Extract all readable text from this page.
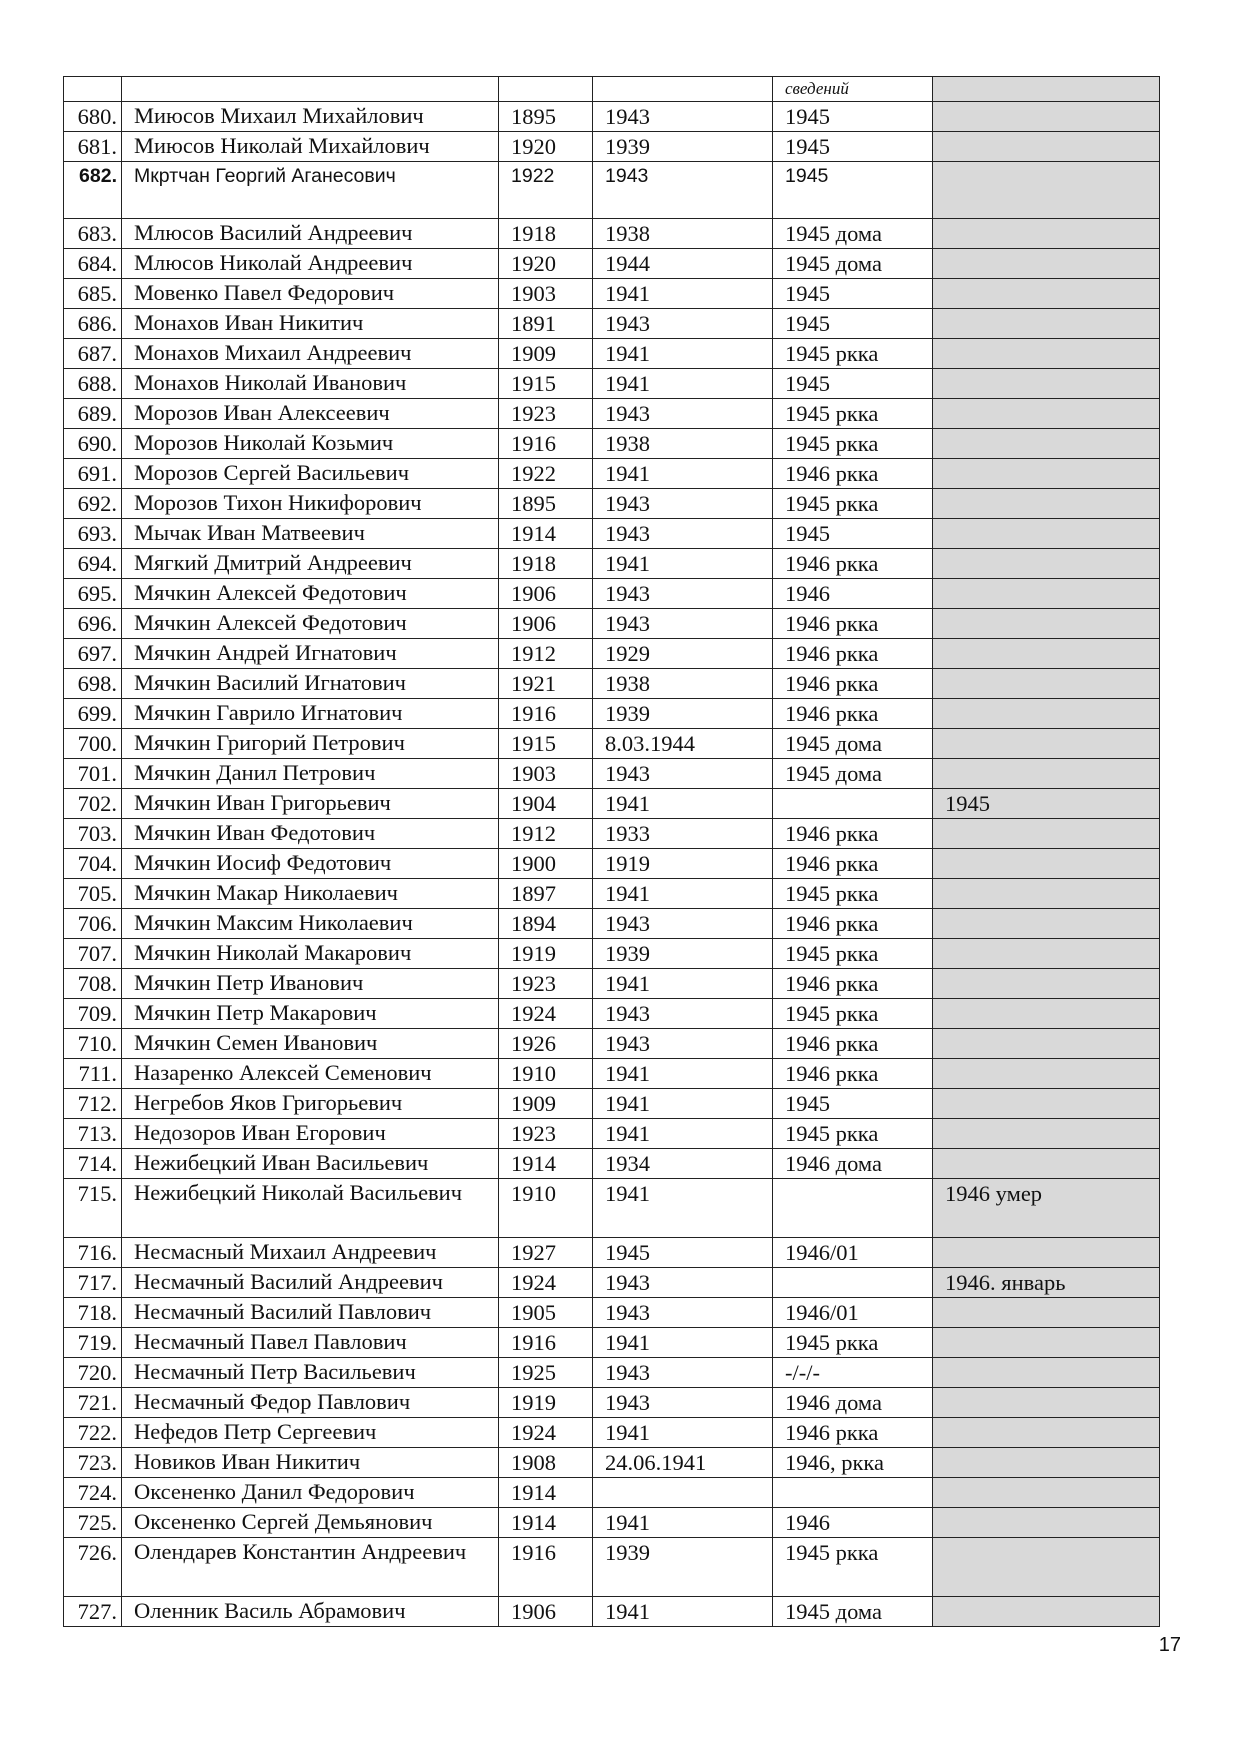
				сведений	
680.	Миюсов Михаил Михайлович	1895	1943	1945	
681.	Миюсов Николай Михайлович	1920	1939	1945	
682.	Мкртчан Георгий Аганесович	1922	1943	1945	
683.	Млюсов Василий Андреевич	1918	1938	1945 дома	
684.	Млюсов Николай Андреевич	1920	1944	1945 дома	
685.	Мовенко Павел Федорович	1903	1941	1945	
686.	Монахов Иван Никитич	1891	1943	1945	
687.	Монахов Михаил Андреевич	1909	1941	1945 ркка	
688.	Монахов Николай Иванович	1915	1941	1945	
689.	Морозов Иван Алексеевич	1923	1943	1945 ркка	
690.	Морозов Николай Козьмич	1916	1938	1945 ркка	
691.	Морозов Сергей Васильевич	1922	1941	1946 ркка	
692.	Морозов Тихон Никифорович	1895	1943	1945 ркка	
693.	Мычак Иван Матвеевич	1914	1943	1945	
694.	Мягкий Дмитрий Андреевич	1918	1941	1946 ркка	
695.	Мячкин Алексей Федотович	1906	1943	1946	
696.	Мячкин Алексей Федотович	1906	1943	1946 ркка	
697.	Мячкин Андрей Игнатович	1912	1929	1946 ркка	
698.	Мячкин Василий Игнатович	1921	1938	1946 ркка	
699.	Мячкин Гаврило Игнатович	1916	1939	1946 ркка	
700.	Мячкин Григорий Петрович	1915	8.03.1944	1945 дома	
701.	Мячкин Данил Петрович	1903	1943	1945 дома	
702.	Мячкин Иван Григорьевич	1904	1941		1945
703.	Мячкин Иван Федотович	1912	1933	1946 ркка	
704.	Мячкин Иосиф Федотович	1900	1919	1946 ркка	
705.	Мячкин Макар Николаевич	1897	1941	1945 ркка	
706.	Мячкин Максим Николаевич	1894	1943	1946 ркка	
707.	Мячкин Николай Макарович	1919	1939	1945 ркка	
708.	Мячкин Петр Иванович	1923	1941	1946 ркка	
709.	Мячкин Петр Макарович	1924	1943	1945 ркка	
710.	Мячкин Семен Иванович	1926	1943	1946 ркка	
711.	Назаренко Алексей Семенович	1910	1941	1946 ркка	
712.	Негребов Яков Григорьевич	1909	1941	1945	
713.	Недозоров Иван Егорович	1923	1941	1945 ркка	
714.	Нежибецкий Иван Васильевич	1914	1934	1946 дома	
715.	Нежибецкий Николай Васильевич	1910	1941		1946 умер
716.	Несмасный Михаил Андреевич	1927	1945	1946/01	
717.	Несмачный Василий Андреевич	1924	1943		1946. январь
718.	Несмачный Василий Павлович	1905	1943	1946/01	
719.	Несмачный Павел Павлович	1916	1941	1945 ркка	
720.	Несмачный Петр Васильевич	1925	1943	-/-/-	
721.	Несмачный Федор Павлович	1919	1943	1946 дома	
722.	Нефедов Петр Сергеевич	1924	1941	1946 ркка	
723.	Новиков Иван Никитич	1908	24.06.1941	1946, ркка	
724.	Оксененко Данил Федорович	1914			
725.	Оксененко Сергей Демьянович	1914	1941	1946	
726.	Олендарев Константин Андреевич	1916	1939	1945 ркка	
727.	Оленник Василь Абрамович	1906	1941	1945 дома	
17
